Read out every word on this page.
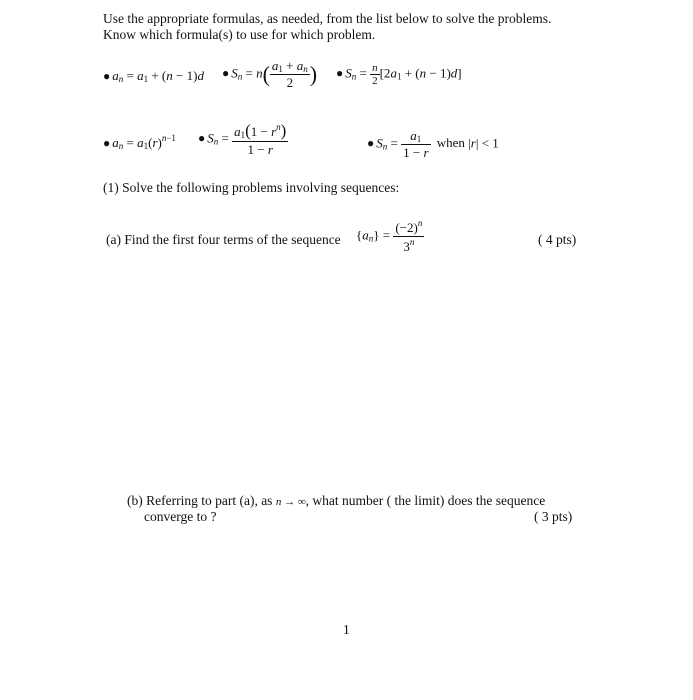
Use the appropriate formulas, as needed, from the list below to solve the problems.
Know which formula(s) to use for which problem.
● $a_n = a_1 + (n - 1)d$ ● $S_n = n( \frac{a_1 + a_n}{2}$ ) ● $S_n = \frac{n}{2} [2a_1 + (n - 1)d]$
● $a_n = a_1(r)^{n-1}$ ● $S_n = \frac{a_1(1 - r^n)}{1 - r}$	● $S_n = \frac{a_1}{1 - r}$ when |r| < 1
(1) Solve the following problems involving sequences:
(a) Find the first four terms of the sequence $\{a_n\} = \frac{(-2)^n}{3^n}$	( 4 pts)
(b) Referring to part (a), as n → ∞, what number ( the limit) does the sequence
converge to ?	( 3 pts)
1
